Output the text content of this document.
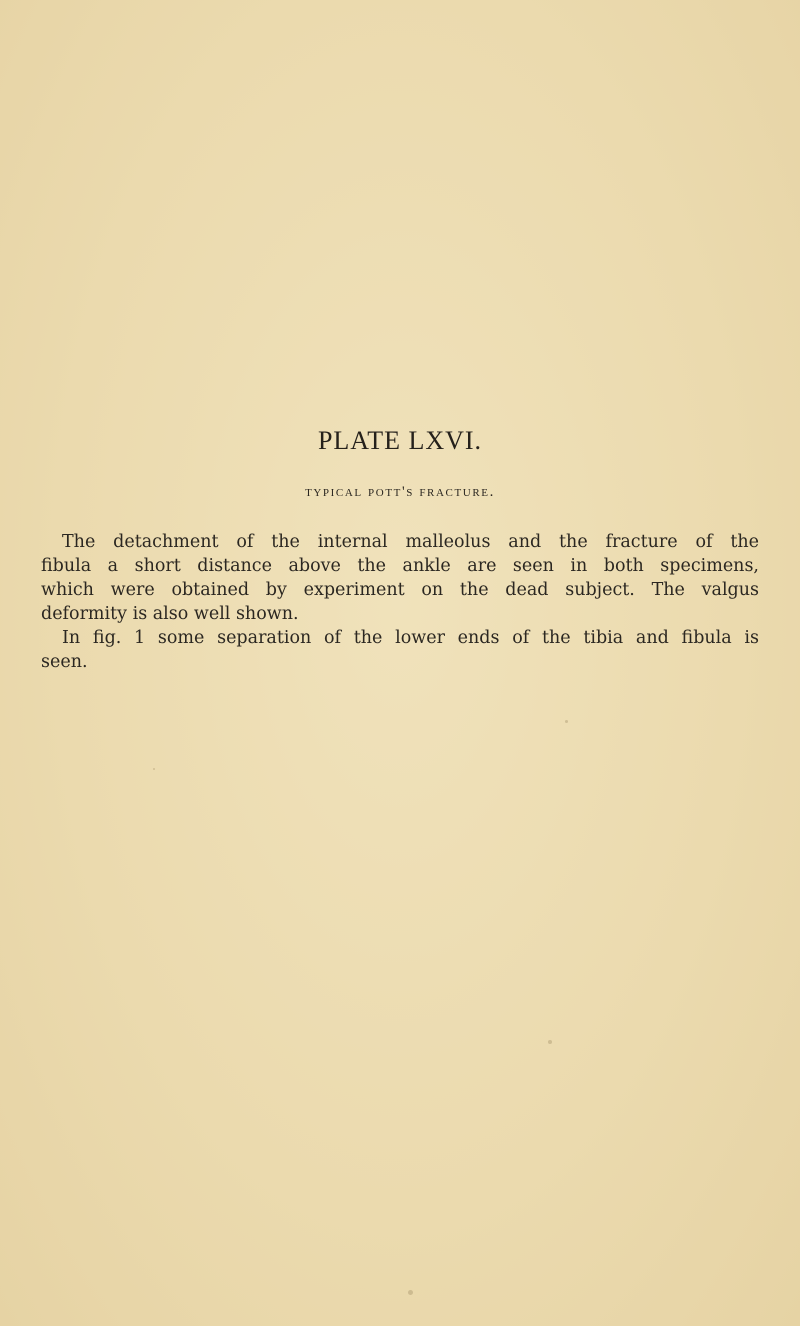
PLATE LXVI.
typical pott's fracture.
The detachment of the internal malleolus and the fracture of the
fibula a short distance above the ankle are seen in both specimens,
which were obtained by experiment on the dead subject. The valgus
deformity is also well shown.
In fig. 1 some separation of the lower ends of the tibia and fibula is
seen.
